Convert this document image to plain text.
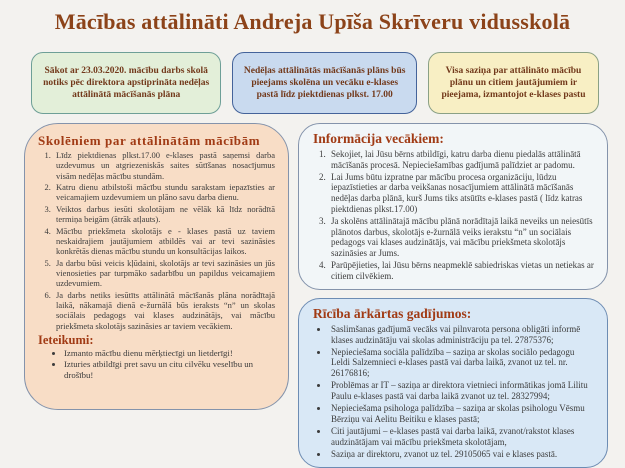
Mācības attālināti Andreja Upīša Skrīveru vidusskolā
Sākot ar 23.03.2020. mācību darbs skolā notiks pēc direktora apstiprināta nedēļas attālinātā mācīšanās plāna
Nedēļas attālinātās mācīšanās plāns būs pieejams skolēna un vecāku e-klases pastā līdz piektdienas plkst. 17.00
Visa saziņa par attālināto mācību plānu un citiem jautājumiem ir pieejama, izmantojot e-klases pastu
Skolēniem par attālinātām mācībām
1. Līdz piektdienas plkst.17.00 e-klases pastā saņemsi darba uzdevumus un atgriezeniskās saites sūtīšanas nosacījumus visām nedēļas mācību stundām.
2. Katru dienu atbilstoši mācību stundu sarakstam iepazīsties ar veicamajiem uzdevumiem un plāno savu darba dienu.
3. Veiktos darbus iesūti skolotājam ne vēlāk kā līdz norādītā termiņa beigām (ātrāk atļauts).
4. Mācību priekšmeta skolotājs e - klases pastā uz taviem neskaidrajiem jautājumiem atbildēs vai ar tevi sazināsies konkrētās dienas mācību stundu un konsultācijas laikos.
5. Ja darbu būsi veicis kļūdaini, skolotājs ar tevi sazināsies un jūs vienosieties par turpmāko sadarbību un papildus veicamajiem uzdevumiem.
6. Ja darbs netiks iesūtīts attālinātā mācīšanās plāna norādītajā laikā, nākamajā dienā e-žurnālā būs ieraksts “n” un skolas sociālais pedagogs vai klases audzinātājs, vai mācību priekšmeta skolotājs sazināsies ar taviem vecākiem.
Ieteikumi:
• Izmanto mācību dienu mērķtiecīgi un lietderīgi!
• Izturies atbildīgi pret savu un citu cilvēku veselību un drošību!
Informācija vecākiem:
1. Sekojiet, lai Jūsu bērns atbildīgi, katru darba dienu piedalās attālinātā mācīšanās procesā. Nepieciešamības gadījumā palīdziet ar padomu.
2. Lai Jums būtu izpratne par mācību procesa organizāciju, lūdzu iepazīstieties ar darba veikšanas nosacījumiem attālinātā mācīšanās nedēļas darba plānā, kurš Jums tiks atsūtīts e-klases pastā ( līdz katras piektdienas plkst.17.00)
3. Ja skolēns attālinātajā mācību plānā norādītajā laikā neveiks un neiesūtīs plānotos darbus, skolotājs e-žurnālā veiks ierakstu “n” un sociālais pedagogs vai klases audzinātājs, vai mācību priekšmeta skolotājs sazināsies ar Jums.
4. Parūpējieties, lai Jūsu bērns neapmeklē sabiedriskas vietas un netiekas ar citiem cilvēkiem.
Rīcība ārkārtas gadījumos:
• Saslimšanas gadījumā vecāks vai pilnvarota persona obligāti informē klases audzinātāju vai skolas administrāciju pa tel. 27875376;
• Nepieciešama sociāla palīdzība – saziņa ar skolas sociālo pedagogu Leldi Salzemnieci e-klases pastā vai darba laikā, zvanot uz tel. nr. 26176816;
• Problēmas ar IT – saziņa ar direktora vietnieci informātikas jomā Lilitu Paulu e-klases pastā vai darba laikā zvanot uz tel. 28327994;
• Nepieciešama psihologa palīdzība – saziņa ar skolas psihologu Vēsmu Bērziņu vai Aelitu Beitiku e klases pastā;
• Citi jautājumi – e-klases pastā vai darba laikā, zvanot/rakstot klases audzinātājam vai mācību priekšmeta skolotājam,
• Saziņa ar direktoru, zvanot uz tel. 29105065 vai e klases pastā.
